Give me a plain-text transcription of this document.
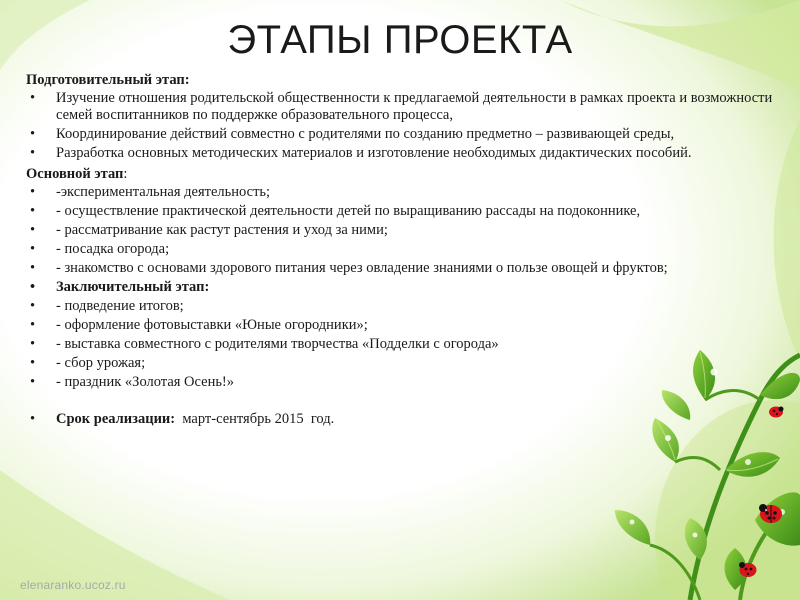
ЭТАПЫ ПРОЕКТА
Подготовительный этап:
• Изучение отношения родительской общественности к предлагаемой деятельности в рамках проекта и возможности семей воспитанников по поддержке образовательного процесса,
• Координирование действий совместно с родителями по созданию предметно – развивающей среды,
• Разработка основных методических материалов и изготовление необходимых дидактических пособий.
Основной этап:
• -экспериментальная деятельность;
• - осуществление практической деятельности детей по выращиванию рассады на подоконнике,
• - рассматривание как растут растения и уход за ними;
• - посадка огорода;
• - знакомство с основами здорового питания через овладение знаниями о пользе овощей и фруктов;
• Заключительный этап:
• - подведение итогов;
• - оформление фотовыставки «Юные огородники»;
• - выставка совместного с родителями творчества «Подделки с огорода»
• - сбор урожая;
• - праздник «Золотая Осень!»
• Срок реализации:  март-сентябрь 2015  год.
elenaranko.ucoz.ru
